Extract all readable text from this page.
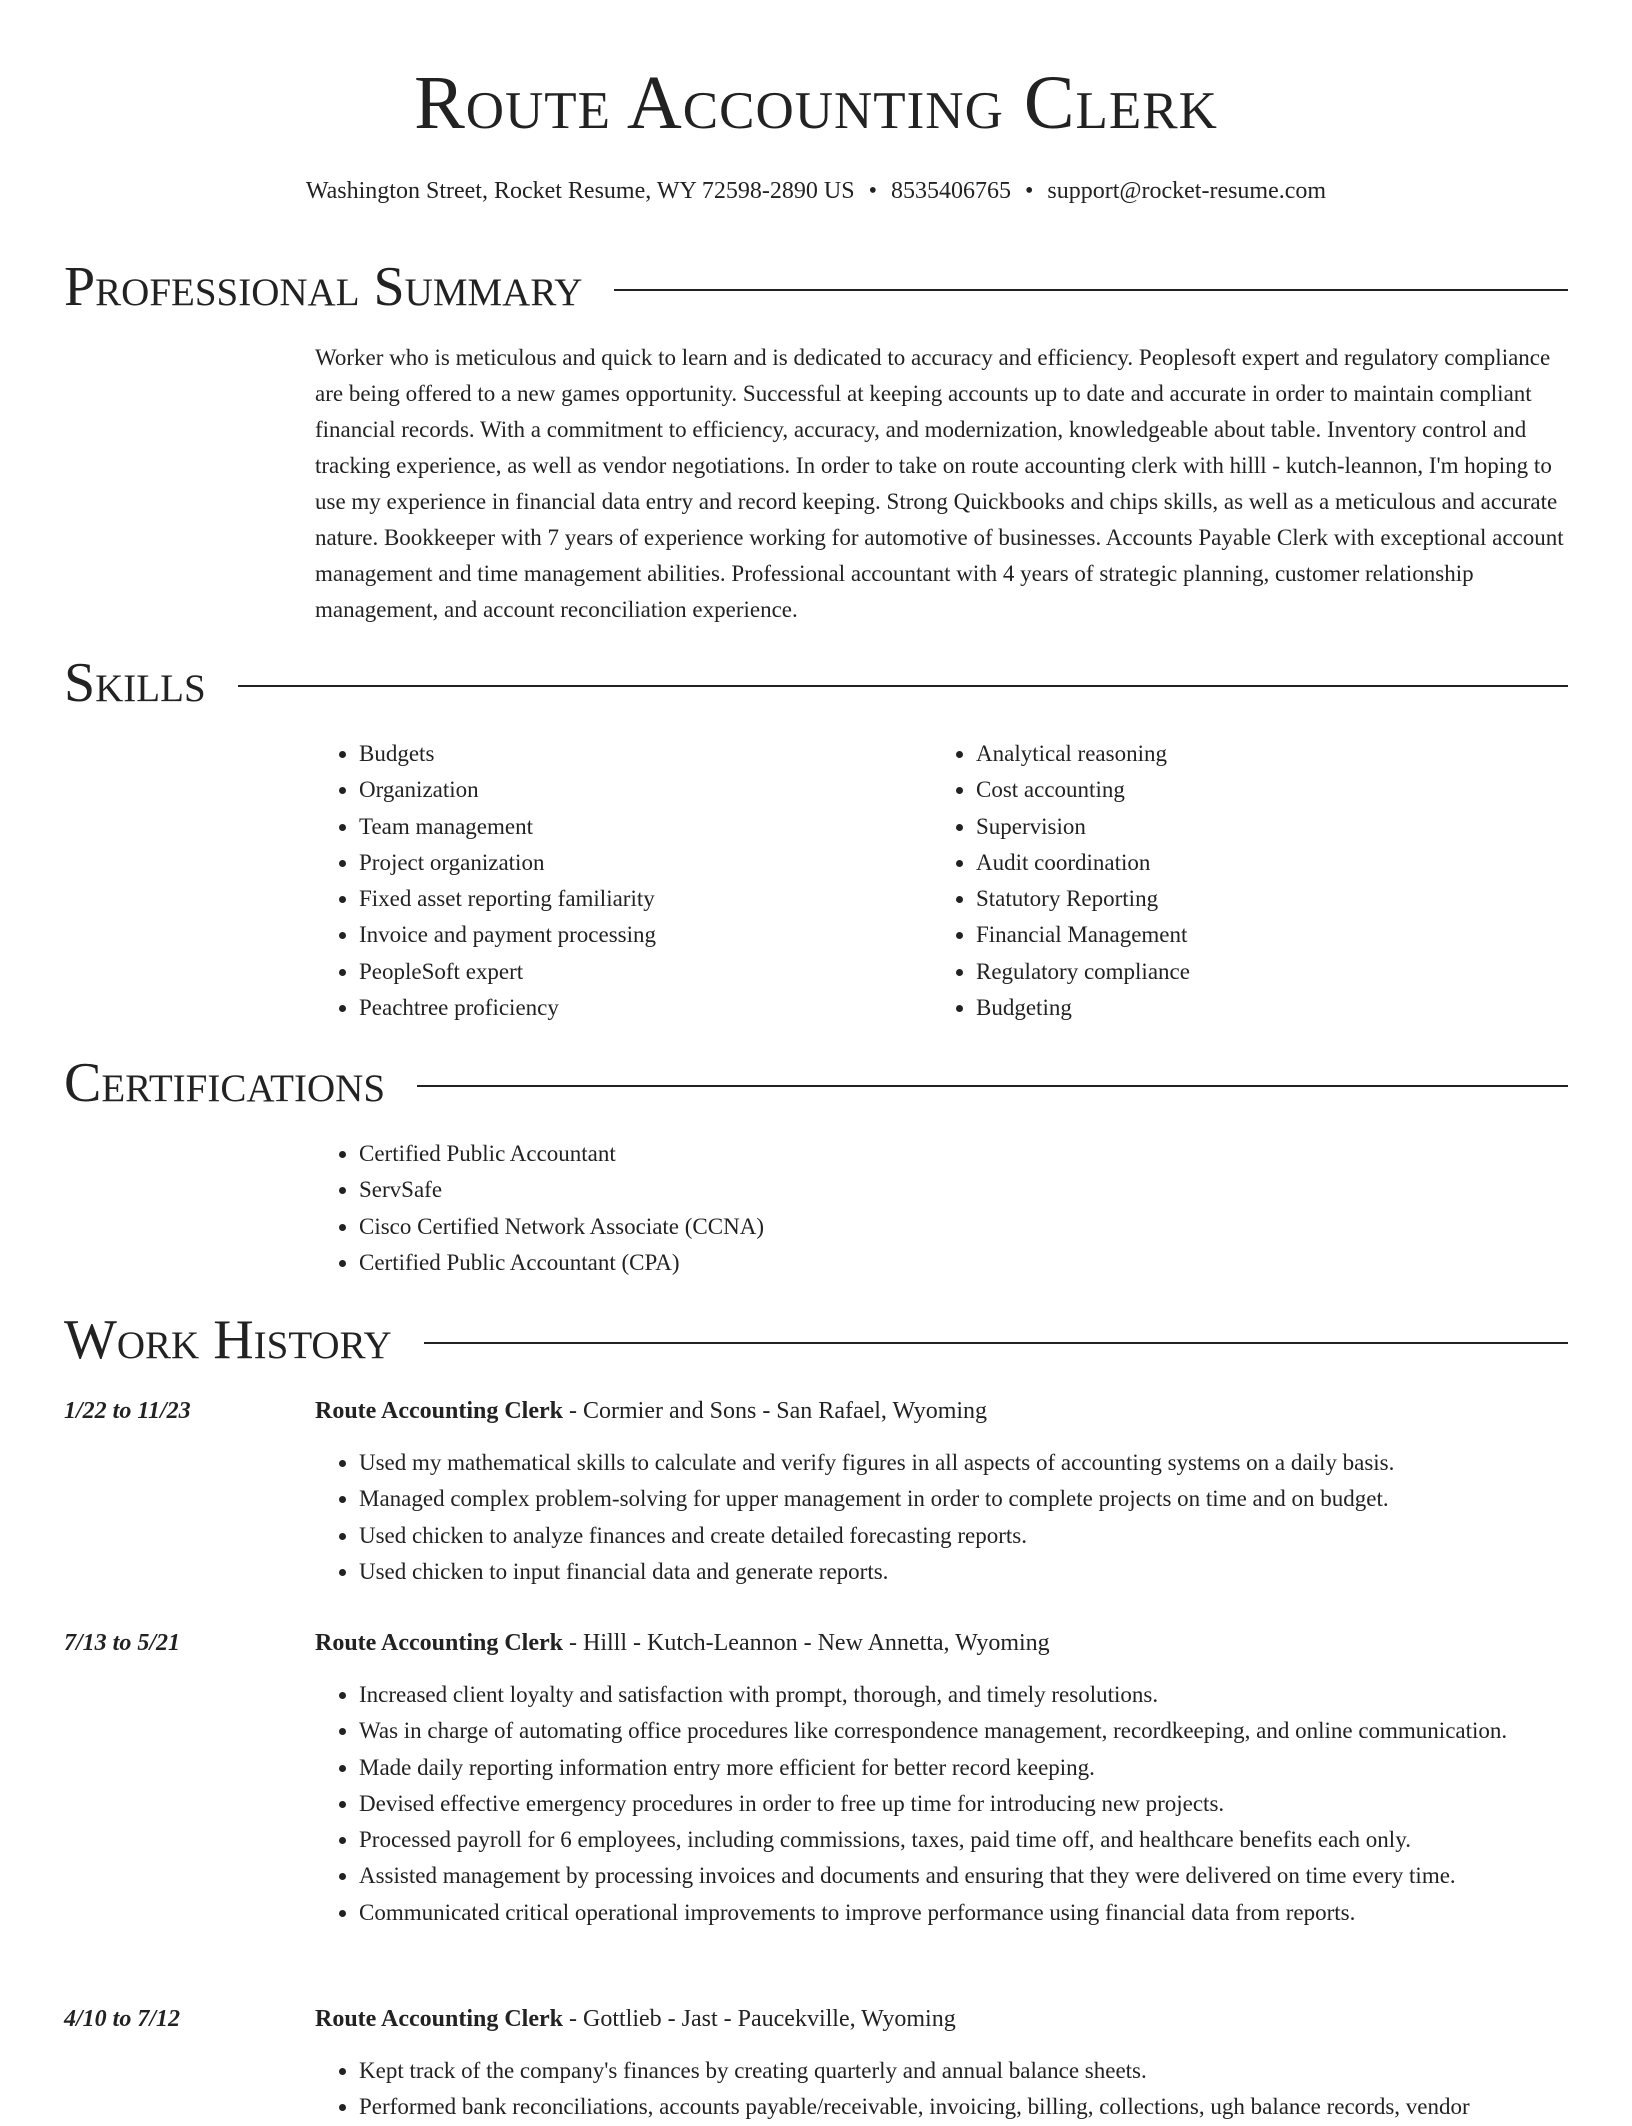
Route Accounting Clerk
Washington Street, Rocket Resume, WY 72598-2890 US • 8535406765 • support@rocket-resume.com
Professional Summary

Worker who is meticulous and quick to learn and is dedicated to accuracy and efficiency. Peoplesoft expert and regulatory compliance are being offered to a new games opportunity. Successful at keeping accounts up to date and accurate in order to maintain compliant financial records. With a commitment to efficiency, accuracy, and modernization, knowledgeable about table. Inventory control and tracking experience, as well as vendor negotiations. In order to take on route accounting clerk with hilll - kutch-leannon, I'm hoping to use my experience in financial data entry and record keeping. Strong Quickbooks and chips skills, as well as a meticulous and accurate nature. Bookkeeper with 7 years of experience working for automotive of businesses. Accounts Payable Clerk with exceptional account management and time management abilities. Professional accountant with 4 years of strategic planning, customer relationship management, and account reconciliation experience.

Skills
• Budgets
• Organization
• Team management
• Project organization
• Fixed asset reporting familiarity
• Invoice and payment processing
• PeopleSoft expert
• Peachtree proficiency
• Analytical reasoning
• Cost accounting
• Supervision
• Audit coordination
• Statutory Reporting
• Financial Management
• Regulatory compliance
• Budgeting
Certifications
• Certified Public Accountant
• ServSafe
• Cisco Certified Network Associate (CCNA)
• Certified Public Accountant (CPA)
Work History
1/22 to 11/23	Route Accounting Clerk - Cormier and Sons - San Rafael, Wyoming
• Used my mathematical skills to calculate and verify figures in all aspects of accounting systems on a daily basis.
• Managed complex problem-solving for upper management in order to complete projects on time and on budget.
• Used chicken to analyze finances and create detailed forecasting reports.
• Used chicken to input financial data and generate reports.
7/13 to 5/21	Route Accounting Clerk - Hilll - Kutch-Leannon - New Annetta, Wyoming
• Increased client loyalty and satisfaction with prompt, thorough, and timely resolutions.
• Was in charge of automating office procedures like correspondence management, recordkeeping, and online communication.
• Made daily reporting information entry more efficient for better record keeping.
• Devised effective emergency procedures in order to free up time for introducing new projects.
• Processed payroll for 6 employees, including commissions, taxes, paid time off, and healthcare benefits each only.
• Assisted management by processing invoices and documents and ensuring that they were delivered on time every time.
• Communicated critical operational improvements to improve performance using financial data from reports.
4/10 to 7/12	Route Accounting Clerk - Gottlieb - Jast - Paucekville, Wyoming
• Kept track of the company's finances by creating quarterly and annual balance sheets.
• Performed bank reconciliations, accounts payable/receivable, invoicing, billing, collections, ugh balance records, vendor
